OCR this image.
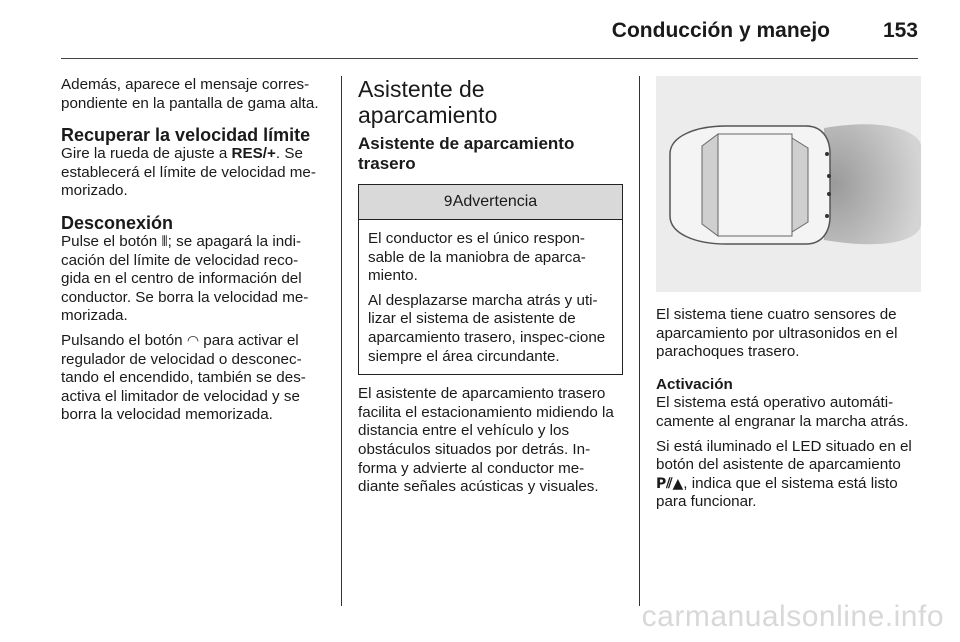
Conducción y manejo	153

Además, aparece el mensaje corres-pondiente en la pantalla de gama alta.

Recuperar la velocidad límite

Gire la rueda de ajuste a RES/+. Se establecerá el límite de velocidad me-morizado.

Desconexión

Pulse el botón ⦀; se apagará la indi-cación del límite de velocidad reco-gida en el centro de información del conductor. Se borra la velocidad me-morizada.

Pulsando el botón ◠ para activar el regulador de velocidad o desconec-tando el encendido, también se des-activa el limitador de velocidad y se borra la velocidad memorizada.

Asistente de aparcamiento
Asistente de aparcamiento trasero
9Advertencia

El conductor es el único respon-sable de la maniobra de aparca-miento.

Al desplazarse marcha atrás y uti-lizar el sistema de asistente de aparcamiento trasero, inspec-cione siempre el área circundante.

El asistente de aparcamiento trasero facilita el estacionamiento midiendo la distancia entre el vehículo y los obstáculos situados por detrás. In-forma y advierte al conductor me-diante señales acústicas y visuales.

El sistema tiene cuatro sensores de aparcamiento por ultrasonidos en el parachoques trasero.

Activación

El sistema está operativo automáti-camente al engranar la marcha atrás.

Si está iluminado el LED situado en el botón del asistente de aparcamiento P⫽▲, indica que el sistema está listo para funcionar.

carmanualsonline.info
